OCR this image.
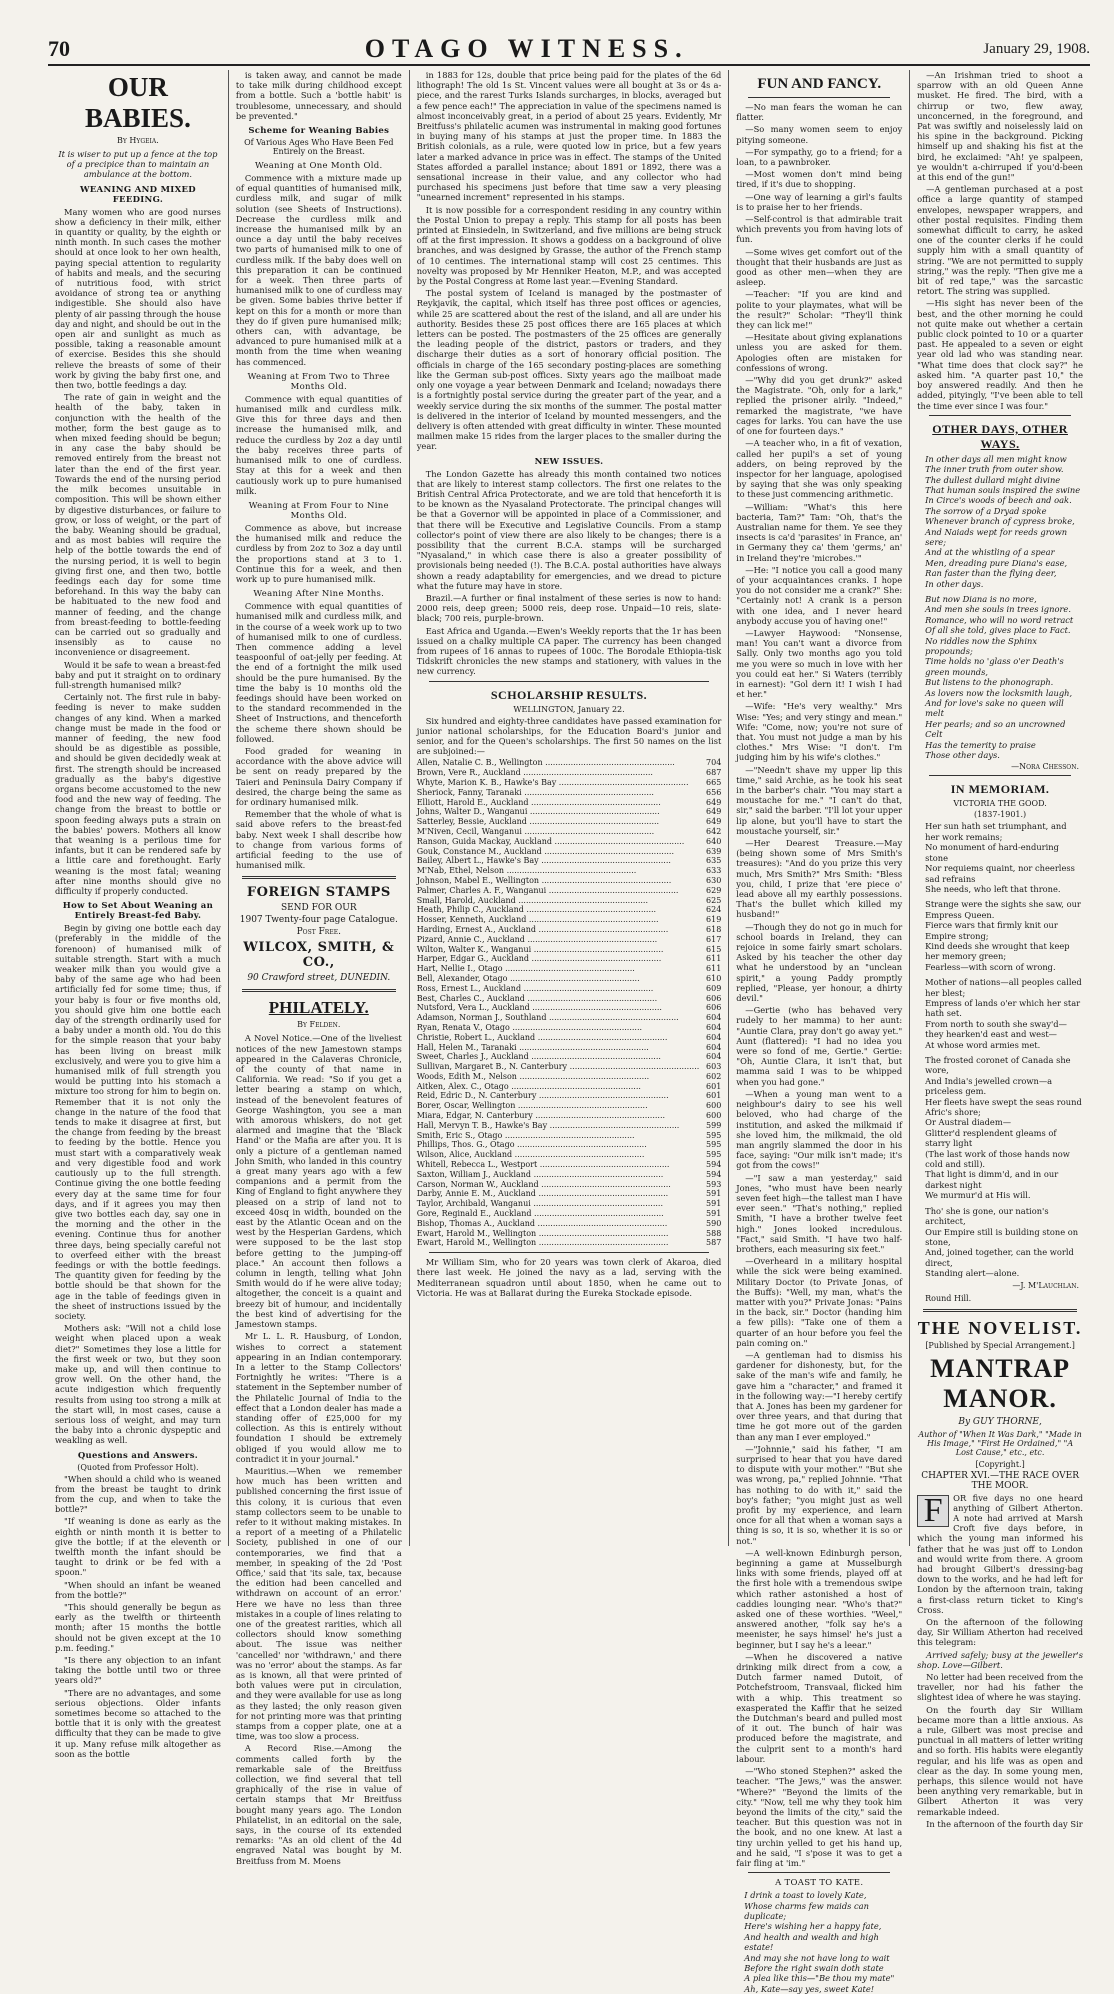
70	OTAGO WITNESS.	January 29, 1908.
OUR BABIES.
By Hygeia.

It is wiser to put up a fence at the top of a precipice than to maintain an ambulance at the bottom.

WEANING AND MIXED FEEDING.

Many women who are good nurses show a deficiency in their milk, either in quantity or quality, by the eighth or ninth month. In such cases the mother should at once look to her own health, paying special attention to regularity of habits and meals, and the securing of nutritious food, with strict avoidance of strong tea or anything indigestible. She should also have plenty of air passing through the house day and night, and should be out in the open air and sunlight as much as possible, taking a reasonable amount of exercise. Besides this she should relieve the breasts of some of their work by giving the baby first one, and then two, bottle feedings a day.

The rate of gain in weight and the health of the baby, taken in conjunction with the health of the mother, form the best gauge as to when mixed feeding should be begun; in any case the baby should be removed entirely from the breast not later than the end of the first year. Towards the end of the nursing period the milk becomes unsuitable in composition. This will be shown either by digestive disturbances, or failure to grow, or loss of weight, or the part of the baby. Weaning should be gradual, and as most babies will require the help of the bottle towards the end of the nursing period, it is well to begin giving first one, and then two, bottle feedings each day for some time beforehand. In this way the baby can be habituated to the new food and manner of feeding, and the change from breast-feeding to bottle-feeding can be carried out so gradually and insensibly as to cause no inconvenience or disagreement.

Would it be safe to wean a breast-fed baby and put it straight on to ordinary full-strength humanised milk?

Certainly not. The first rule in baby-feeding is never to make sudden changes of any kind. When a marked change must be made in the food or manner of feeding, the new food should be as digestible as possible, and should be given decidedly weak at first. The strength should be increased gradually as the baby's digestive organs become accustomed to the new food and the new way of feeding. The change from the breast to bottle or spoon feeding always puts a strain on the babies' powers. Mothers all know that weaning is a perilous time for infants, but it can be rendered safe by a little care and forethought. Early weaning is the most fatal; weaning after nine months should give no difficulty if properly conducted.

How to Set About Weaning an Entirely Breast-fed Baby.

Begin by giving one bottle each day (preferably in the middle of the forenoon) of humanised milk of suitable strength. Start with a much weaker milk than you would give a baby of the same age who had been artificially fed for some time; thus, if your baby is four or five months old, you should give him one bottle each day of the strength ordinarily used for a baby under a month old. You do this for the simple reason that your baby has been living on breast milk exclusively, and were you to give him a humanised milk of full strength you would be putting into his stomach a mixture too strong for him to begin on. Remember that it is not only the change in the nature of the food that tends to make it disagree at first, but the change from feeding by the breast to feeding by the bottle. Hence you must start with a comparatively weak and very digestible food and work cautiously up to the full strength. Continue giving the one bottle feeding every day at the same time for four days, and if it agrees you may then give two bottles each day, say one in the morning and the other in the evening. Continue thus for another three days, being specially careful not to overfeed either with the breast feedings or with the bottle feedings. The quantity given for feeding by the bottle should be that shown for the age in the table of feedings given in the sheet of instructions issued by the society.

Mothers ask: "Will not a child lose weight when placed upon a weak diet?" Sometimes they lose a little for the first week or two, but they soon make up, and will then continue to grow well. On the other hand, the acute indigestion which frequently results from using too strong a milk at the start will, in most cases, cause a serious loss of weight, and may turn the baby into a chronic dyspeptic and weakling as well.

Questions and Answers.
(Quoted from Professor Holt).

"When should a child who is weaned from the breast be taught to drink from the cup, and when to take the bottle?"

"If weaning is done as early as the eighth or ninth month it is better to give the bottle; if at the eleventh or twelfth month the infant should be taught to drink or be fed with a spoon."

"When should an infant be weaned from the bottle?"

"This should generally be begun as early as the twelfth or thirteenth month; after 15 months the bottle should not be given except at the 10 p.m. feeding."

"Is there any objection to an infant taking the bottle until two or three years old?"

"There are no advantages, and some serious objections. Older infants sometimes become so attached to the bottle that it is only with the greatest difficulty that they can be made to give it up. Many refuse milk altogether as soon as the bottle

is taken away, and cannot be made to take milk during childhood except from a bottle. Such a 'bottle habit' is troublesome, unnecessary, and should be prevented."

Scheme for Weaning Babies
Of Various Ages Who Have Been Fed Entirely on the Breast.
Weaning at One Month Old.

Commence with a mixture made up of equal quantities of humanised milk, curdless milk, and sugar of milk solution (see Sheets of Instructions). Decrease the curdless milk and increase the humanised milk by an ounce a day until the baby receives two parts of humanised milk to one of curdless milk. If the baby does well on this preparation it can be continued for a week. Then three parts of humanised milk to one of curdless may be given. Some babies thrive better if kept on this for a month or more than they do if given pure humanised milk; others can, with advantage, be advanced to pure humanised milk at a month from the time when weaning has commenced.

Weaning at From Two to Three Months Old.

Commence with equal quantities of humanised milk and curdless milk. Give this for three days and then increase the humanised milk, and reduce the curdless by 2oz a day until the baby receives three parts of humanised milk to one of curdless. Stay at this for a week and then cautiously work up to pure humanised milk.

Weaning at From Four to Nine Months Old.

Commence as above, but increase the humanised milk and reduce the curdless by from 2oz to 3oz a day until the proportions stand at 3 to 1. Continue this for a week, and then work up to pure humanised milk.

Weaning After Nine Months.

Commence with equal quantities of humanised milk and curdless milk, and in the course of a week work up to two of humanised milk to one of curdless. Then commence adding a level teaspoonful of oat-jelly per feeding. At the end of a fortnight the milk used should be the pure humanised. By the time the baby is 10 months old the feedings should have been worked on to the standard recommended in the Sheet of Instructions, and thenceforth the scheme there shown should be followed.

Food graded for weaning in accordance with the above advice will be sent on ready prepared by the Taieri and Peninsula Dairy Company if desired, the charge being the same as for ordinary humanised milk.

Remember that the whole of what is said above refers to the breast-fed baby. Next week I shall describe how to change from various forms of artificial feeding to the use of humanised milk.

FOREIGN STAMPS
SEND FOR OUR
1907 Twenty-four page Catalogue.
Post Free.
WILCOX, SMITH, & CO.,
90 Crawford street, DUNEDIN.
PHILATELY.
By Felden.

A Novel Notice.—One of the liveliest notices of the new Jamestown stamps appeared in the Calaveras Chronicle, of the county of that name in California. We read: "So if you get a letter bearing a stamp on which, instead of the benevolent features of George Washington, you see a man with amorous whiskers, do not get alarmed and imagine that the 'Black Hand' or the Mafia are after you. It is only a picture of a gentleman named John Smith, who landed in this country a great many years ago with a few companions and a permit from the King of England to fight anywhere they pleased on a strip of land not to exceed 40sq in width, bounded on the east by the Atlantic Ocean and on the west by the Hesperian Gardens, which were supposed to be the last stop before getting to the jumping-off place." An account then follows a column in length, telling what John Smith would do if he were alive today; altogether, the conceit is a quaint and breezy bit of humour, and incidentally the best kind of advertising for the Jamestown stamps.

Mr L. L. R. Hausburg, of London, wishes to correct a statement appearing in an Indian contemporary. In a letter to the Stamp Collectors' Fortnightly he writes: "There is a statement in the September number of the Philatelic Journal of India to the effect that a London dealer has made a standing offer of £25,000 for my collection. As this is entirely without foundation I should be extremely obliged if you would allow me to contradict it in your journal."

Mauritius.—When we remember how much has been written and published concerning the first issue of this colony, it is curious that even stamp collectors seem to be unable to refer to it without making mistakes. In a report of a meeting of a Philatelic Society, published in one of our contemporaries, we find that a member, in speaking of the 2d 'Post Office,' said that 'its sale, tax, because the edition had been cancelled and withdrawn on account of an error.' Here we have no less than three mistakes in a couple of lines relating to one of the greatest rarities, which all collectors should know something about. The issue was neither 'cancelled' nor 'withdrawn,' and there was no 'error' about the stamps. As far as is known, all that were printed of both values were put in circulation, and they were available for use as long as they lasted; the only reason given for not printing more was that printing stamps from a copper plate, one at a time, was too slow a process.

A Record Rise.—Among the comments called forth by the remarkable sale of the Breitfuss collection, we find several that tell graphically of the rise in value of certain stamps that Mr Breitfuss bought many years ago. The London Philatelist, in an editorial on the sale, says, in the course of its extended remarks: "As an old client of the 4d engraved Natal was bought by M. Breitfuss from M. Moens

in 1883 for 12s, double that price being paid for the plates of the 6d lithograph! The old 1s St. Vincent values were all bought at 3s or 4s a-piece, and the rarest Turks Islands surcharges, in blocks, averaged but a few pence each!" The appreciation in value of the specimens named is almost inconceivably great, in a period of about 25 years. Evidently, Mr Breitfuss's philatelic acumen was instrumental in making good fortunes in buying many of his stamps at just the proper time. In 1883 the British colonials, as a rule, were quoted low in price, but a few years later a marked advance in price was in effect. The stamps of the United States afforded a parallel instance; about 1891 or 1892, there was a sensational increase in their value, and any collector who had purchased his specimens just before that time saw a very pleasing "unearned increment" represented in his stamps.

It is now possible for a correspondent residing in any country within the Postal Union to prepay a reply. This stamp for all posts has been printed at Einsiedeln, in Switzerland, and five millions are being struck off at the first impression. It shows a goddess on a background of olive branches, and was designed by Grasse, the author of the French stamp of 10 centimes. The international stamp will cost 25 centimes. This novelty was proposed by Mr Henniker Heaton, M.P., and was accepted by the Postal Congress at Rome last year.—Evening Standard.

The postal system of Iceland is managed by the postmaster of Reykjavik, the capital, which itself has three post offices or agencies, while 25 are scattered about the rest of the island, and all are under his authority. Besides these 25 post offices there are 165 places at which letters can be posted. The postmasters of the 25 offices are generally the leading people of the district, pastors or traders, and they discharge their duties as a sort of honorary official position. The officials in charge of the 165 secondary posting-places are something like the German sub-post offices. Sixty years ago the mailboat made only one voyage a year between Denmark and Iceland; nowadays there is a fortnightly postal service during the greater part of the year, and a weekly service during the six months of the summer. The postal matter is delivered in the interior of Iceland by mounted messengers, and the delivery is often attended with great difficulty in winter. These mounted mailmen make 15 rides from the larger places to the smaller during the year.

NEW ISSUES.

The London Gazette has already this month contained two notices that are likely to interest stamp collectors. The first one relates to the British Central Africa Protectorate, and we are told that henceforth it is to be known as the Nyasaland Protectorate. The principal changes will be that a Governor will be appointed in place of a Commissioner, and that there will be Executive and Legislative Councils. From a stamp collector's point of view there are also likely to be changes; there is a possibility that the current B.C.A. stamps will be surcharged "Nyasaland," in which case there is also a greater possibility of provisionals being needed (!). The B.C.A. postal authorities have always shown a ready adaptability for emergencies, and we dread to picture what the future may have in store.

Brazil.—A further or final instalment of these series is now to hand: 2000 reis, deep green; 5000 reis, deep rose. Unpaid—10 reis, slate-black; 700 reis, purple-brown.

East Africa and Uganda.—Ewen's Weekly reports that the 1r has been issued on a chalky multiple CA paper. The currency has been changed from rupees of 16 annas to rupees of 100c. The Borodale Ethiopia-tisk Tidskrift chronicles the new stamps and stationery, with values in the new currency.

SCHOLARSHIP RESULTS.
WELLINGTON, January 22.

Six hundred and eighty-three candidates have passed examination for junior national scholarships, for the Education Board's junior and senior, and for the Queen's scholarships. The first 50 names on the list are subjoined:—

Allen, Natalie C. B., Wellington .....	704
Brown, Vere R., Auckland .....	687
Whyte, Marion K. B., Hawke's Bay .....	665
Sheriock, Fanny, Taranaki .....	656
Elliott, Harold E., Auckland .....	649
Johns, Walter D., Wanganui .....	649
Satterley, Bessie, Auckland .....	649
M'Niven, Cecil, Wanganui .....	642
Ranson, Guida Mackay, Auckland .....	640
Gouk, Constance M., Auckland .....	639
Bailey, Albert L., Hawke's Bay .....	635
M'Nab, Ethel, Nelson .....	633
Johnson, Mabel E., Wellington .....	630
Palmer, Charles A. F., Wanganui .....	629
Small, Harold, Auckland .....	625
Heath, Philip C., Auckland .....	624
Hosser, Kenneth, Auckland .....	619
Harding, Ernest A., Auckland .....	618
Pizard, Annie C., Auckland .....	617
Wilton, Walter K., Wanganui .....	615
Harper, Edgar G., Auckland .....	611
Hart, Nellie I., Otago .....	611
Bell, Alexander, Otago .....	610
Ross, Ernest L., Auckland .....	609
Best, Charles C., Auckland .....	606
Nutsford, Vera L., Auckland .....	606
Adamson, Norman J., Southland .....	604
Ryan, Renata V., Otago .....	604
Christie, Robert L., Auckland .....	604
Hall, Helen M., Taranaki .....	604
Sweet, Charles J., Auckland .....	604
Sullivan, Margaret B., N. Canterbury .....	603
Woods, Edith M., Nelson .....	602
Aitken, Alex. C., Otago .....	601
Reid, Edric D., N. Canterbury .....	601
Borer, Oscar, Wellington .....	600
Miara, Edgar, N. Canterbury .....	600
Hall, Mervyn T. B., Hawke's Bay .....	599
Smith, Eric S., Otago .....	595
Phillips, Thos. G., Otago .....	595
Wilson, Alice, Auckland .....	595
Whitell, Rebecca L., Westport .....	594
Saxton, William J., Auckland .....	594
Carson, Norman W., Auckland .....	593
Darby, Annie E. M., Auckland .....	591
Taylor, Archibald, Wanganui .....	591
Gore, Reginald E., Auckland .....	591
Bishop, Thomas A., Auckland .....	590
Ewart, Harold M., Wellington .....	588
Ewart, Harold M., Wellington .....	587

Mr William Sim, who for 20 years was town clerk of Akaroa, died there last week. He joined the navy as a lad, serving with the Mediterranean squadron until about 1850, when he came out to Victoria. He was at Ballarat during the Eureka Stockade episode.

FUN AND FANCY.

—No man fears the woman he can flatter.

—So many women seem to enjoy pitying someone.

—For sympathy, go to a friend; for a loan, to a pawnbroker.

—Most women don't mind being tired, if it's due to shopping.

—One way of learning a girl's faults is to praise her to her friends.

—Self-control is that admirable trait which prevents you from having lots of fun.

—Some wives get comfort out of the thought that their husbands are just as good as other men—when they are asleep.

—Teacher: "If you are kind and polite to your playmates, what will be the result?" Scholar: "They'll think they can lick me!"

—Hesitate about giving explanations unless you are asked for them. Apologies often are mistaken for confessions of wrong.

—"Why did you get drunk?" asked the Magistrate. "Oh, only for a lark," replied the prisoner airily. "Indeed," remarked the magistrate, "we have cages for larks. You can have the use of one for fourteen days."

—A teacher who, in a fit of vexation, called her pupil's a set of young adders, on being reproved by the inspector for her language, apologised by saying that she was only speaking to these just commencing arithmetic.

—William: "What's this here bacteria, Tam?" Tam: "Oh, that's the Australian name for them. Ye see they insects is ca'd 'parasites' in France, an' in Germany they ca' them 'germs,' an' in Ireland they're 'microbes.'"

—He: "I notice you call a good many of your acquaintances cranks. I hope you do not consider me a crank?" She: "Certainly not! A crank is a person with one idea, and I never heard anybody accuse you of having one!"

—Lawyer Haywood: "Nonsense, man! You can't want a divorce from Sally. Only two months ago you told me you were so much in love with her you could eat her." Si Waters (terribly in earnest): "Gol dern it! I wish I had et her."

—Wife: "He's very wealthy." Mrs Wise: "Yes; and very stingy and mean." Wife: "Come, now; you're not sure of that. You must not judge a man by his clothes." Mrs Wise: "I don't. I'm judging him by his wife's clothes."

—"Needn't shave my upper lip this time," said Archie, as he took his seat in the barber's chair. "You may start a moustache for me." "I can't do that, sir," said the barber. "I'll lot your upper lip alone, but you'll have to start the moustache yourself, sir."

—Her Dearest Treasure.—May (being shown some of Mrs Smith's treasures): "And do you prize this very much, Mrs Smith?" Mrs Smith: "Bless you, child, I prize that 'ere piece o' lead above all my earthly possessions. That's the bullet which killed my husband!"

—Though they do not go in much for school boards in Ireland, they can rejoice in some fairly smart scholars. Asked by his teacher the other day what he understood by an "unclean spirit," a young Paddy promptly replied, "Please, yer honour, a dhirty devil."

—Gertie (who has behaved very rudely to her mamma) to her aunt: "Auntie Clara, pray don't go away yet." Aunt (flattered): "I had no idea you were so fond of me, Gertie." Gertie: "Oh, Auntie Clara, it isn't that, but mamma said I was to be whipped when you had gone."

—When a young man went to a neighbour's dairy to see his well beloved, who had charge of the institution, and asked the milkmaid if she loved him, the milkmaid, the old man angrily slammed the door in his face, saying: "Our milk isn't made; it's got from the cows!"

—"I saw a man yesterday," said Jones, "who must have been nearly seven feet high—the tallest man I have ever seen." "That's nothing," replied Smith, "I have a brother twelve feet high." Jones looked incredulous. "Fact," said Smith. "I have two half-brothers, each measuring six feet."

—Overheard in a military hospital while the sick were being examined. Military Doctor (to Private Jonas, of the Buffs): "Well, my man, what's the matter with you?" Private Jonas: "Pains in the back, sir." Doctor (handing him a few pills): "Take one of them a quarter of an hour before you feel the pain coming on."

—A gentleman had to dismiss his gardener for dishonesty, but, for the sake of the man's wife and family, he gave him a "character," and framed it in the following way:—"I hereby certify that A. Jones has been my gardener for over three years, and that during that time he got more out of the garden than any man I ever employed."

—"Johnnie," said his father, "I am surprised to hear that you have dared to dispute with your mother." "But she was wrong, pa," replied Johnnie. "That has nothing to do with it," said the boy's father; "you might just as well profit by my experience, and learn once for all that when a woman says a thing is so, it is so, whether it is so or not."

—A well-known Edinburgh person, beginning a game at Musselburgh links with some friends, played off at the first hole with a tremendous swipe which rather astonished a host of caddies lounging near. "Who's that?" asked one of these worthies. "Weel," answered another, "folk say he's a meenister, he says himsel' he's just a beginner, but I say he's a leear."

—When he discovered a native drinking milk direct from a cow, a Dutch farmer named Dutoit, of Potchefstroom, Transvaal, flicked him with a whip. This treatment so exasperated the Kaffir that he seized the Dutchman's beard and pulled most of it out. The bunch of hair was produced before the magistrate, and the culprit sent to a month's hard labour.

—"Who stoned Stephen?" asked the teacher. "The Jews," was the answer. "Where?" "Beyond the limits of the city." "Now, tell me why they took him beyond the limits of the city," said the teacher. But this question was not in the book, and no one knew. At last a tiny urchin yelled to get his hand up, and he said, "I s'pose it was to get a fair fling at 'im."

A TOAST TO KATE.
I drink a toast to lovely Kate,
Whose charms few maids can duplicate;
Here's wishing her a happy fate,
And health and wealth and high estate!
And may she not have long to wait
Before the right swain doth state
A plea like this—"Be thou my mate"
Ah, Kate—say yes, sweet Kate!

—An Irishman tried to shoot a sparrow with an old Queen Anne musket. He fired. The bird, with a chirrup or two, flew away, unconcerned, in the foreground, and Pat was swiftly and noiselessly laid on his spine in the background. Picking himself up and shaking his fist at the bird, he exclaimed: "Ah! ye spalpeen, ye wouldn't a-chirruped if you'd-been at this end of the gun!"

—A gentleman purchased at a post office a large quantity of stamped envelopes, newspaper wrappers, and other postal requisites. Finding them somewhat difficult to carry, he asked one of the counter clerks if he could supply him with a small quantity of string. "We are not permitted to supply string," was the reply. "Then give me a bit of red tape," was the sarcastic retort. The string was supplied.

—His sight has never been of the best, and the other morning he could not quite make out whether a certain public clock pointed to 10 or a quarter past. He appealed to a seven or eight year old lad who was standing near. "What time does that clock say?" he asked him. "A quarter past 10," the boy answered readily. And then he added, pityingly, "I've been able to tell the time ever since I was four."

OTHER DAYS, OTHER WAYS.
In other days all men might know
The inner truth from outer show.
The dullest dullard might divine
That human souls inspired the swine
In Circe's woods of beech and oak.
The sorrow of a Dryad spoke
Whenever branch of cypress broke,
And Naiads wept for reeds grown sere;
And at the whistling of a spear
Men, dreading pure Diana's ease,
Ran faster than the flying deer,
In other days.
But now Diana is no more,
And men she souls in trees ignore.
Romance, who will no word retract
Of all she told, gives place to Fact.
No riddles now the Sphinx propounds;
Time holds no 'glass o'er Death's green mounds,
But listens to the phonograph.
As lovers now the locksmith laugh,
And for love's sake no queen will melt
Her pearls; and so an uncrowned Celt
Has the temerity to praise
Those other days.
—Nora Chesson.
IN MEMORIAM.
VICTORIA THE GOOD.
(1837-1901.)
Her sun hath set triumphant, and her work remains;
No monument of hard-enduring stone
Nor requiems quaint, nor cheerless sad refrains
She needs, who left that throne.
Strange were the sights she saw, our Empress Queen.
Fierce wars that firmly knit our Empire strong;
Kind deeds she wrought that keep her memory green;
Fearless—with scorn of wrong.
Mother of nations—all peoples called her blest;
Empress of lands o'er which her star hath set.
From north to south she sway'd—they hearken'd east and west—
At whose word armies met.
The frosted coronet of Canada she wore,
And India's jewelled crown—a priceless gem.
Her fleets have swept the seas round Afric's shore;
Or Austral diadem—
Glitter'd resplendent gleams of starry light
(The last work of those hands now cold and still).
That light is dimm'd, and in our darkest night
We murmur'd at His will.
Tho' she is gone, our nation's architect,
Our Empire still is building stone on stone,
And, joined together, can the world direct,
Standing alert—alone.
—J. M'Lauchlan.
Round Hill.
THE NOVELIST.
[Published by Special Arrangement.]
MANTRAP MANOR.
By GUY THORNE,
Author of "When It Was Dark," "Made in His Image," "First He Ordained," "A Lost Cause," etc., etc.
[Copyright.]
CHAPTER XVI.—THE RACE OVER THE MOOR.

F	OR five days no one heard anything of Gilbert Atherton. A note had arrived at Marsh Croft five days before, in which the young man informed his father that he was just off to London and would write from there. A groom had brought Gilbert's dressing-bag down to the works, and he had left for London by the afternoon train, taking a first-class return ticket to King's Cross.

On the afternoon of the following day, Sir William Atherton had received this telegram:

Arrived safely; busy at the jeweller's shop. Love—Gilbert.

No letter had been received from the traveller, nor had his father the slightest idea of where he was staying.

On the fourth day Sir William became more than a little anxious. As a rule, Gilbert was most precise and punctual in all matters of letter writing and so forth. His habits were elegantly regular, and his life was as open and clear as the day. In some young men, perhaps, this silence would not have been anything very remarkable, but in Gilbert Atherton it was very remarkable indeed.

In the afternoon of the fourth day Sir
